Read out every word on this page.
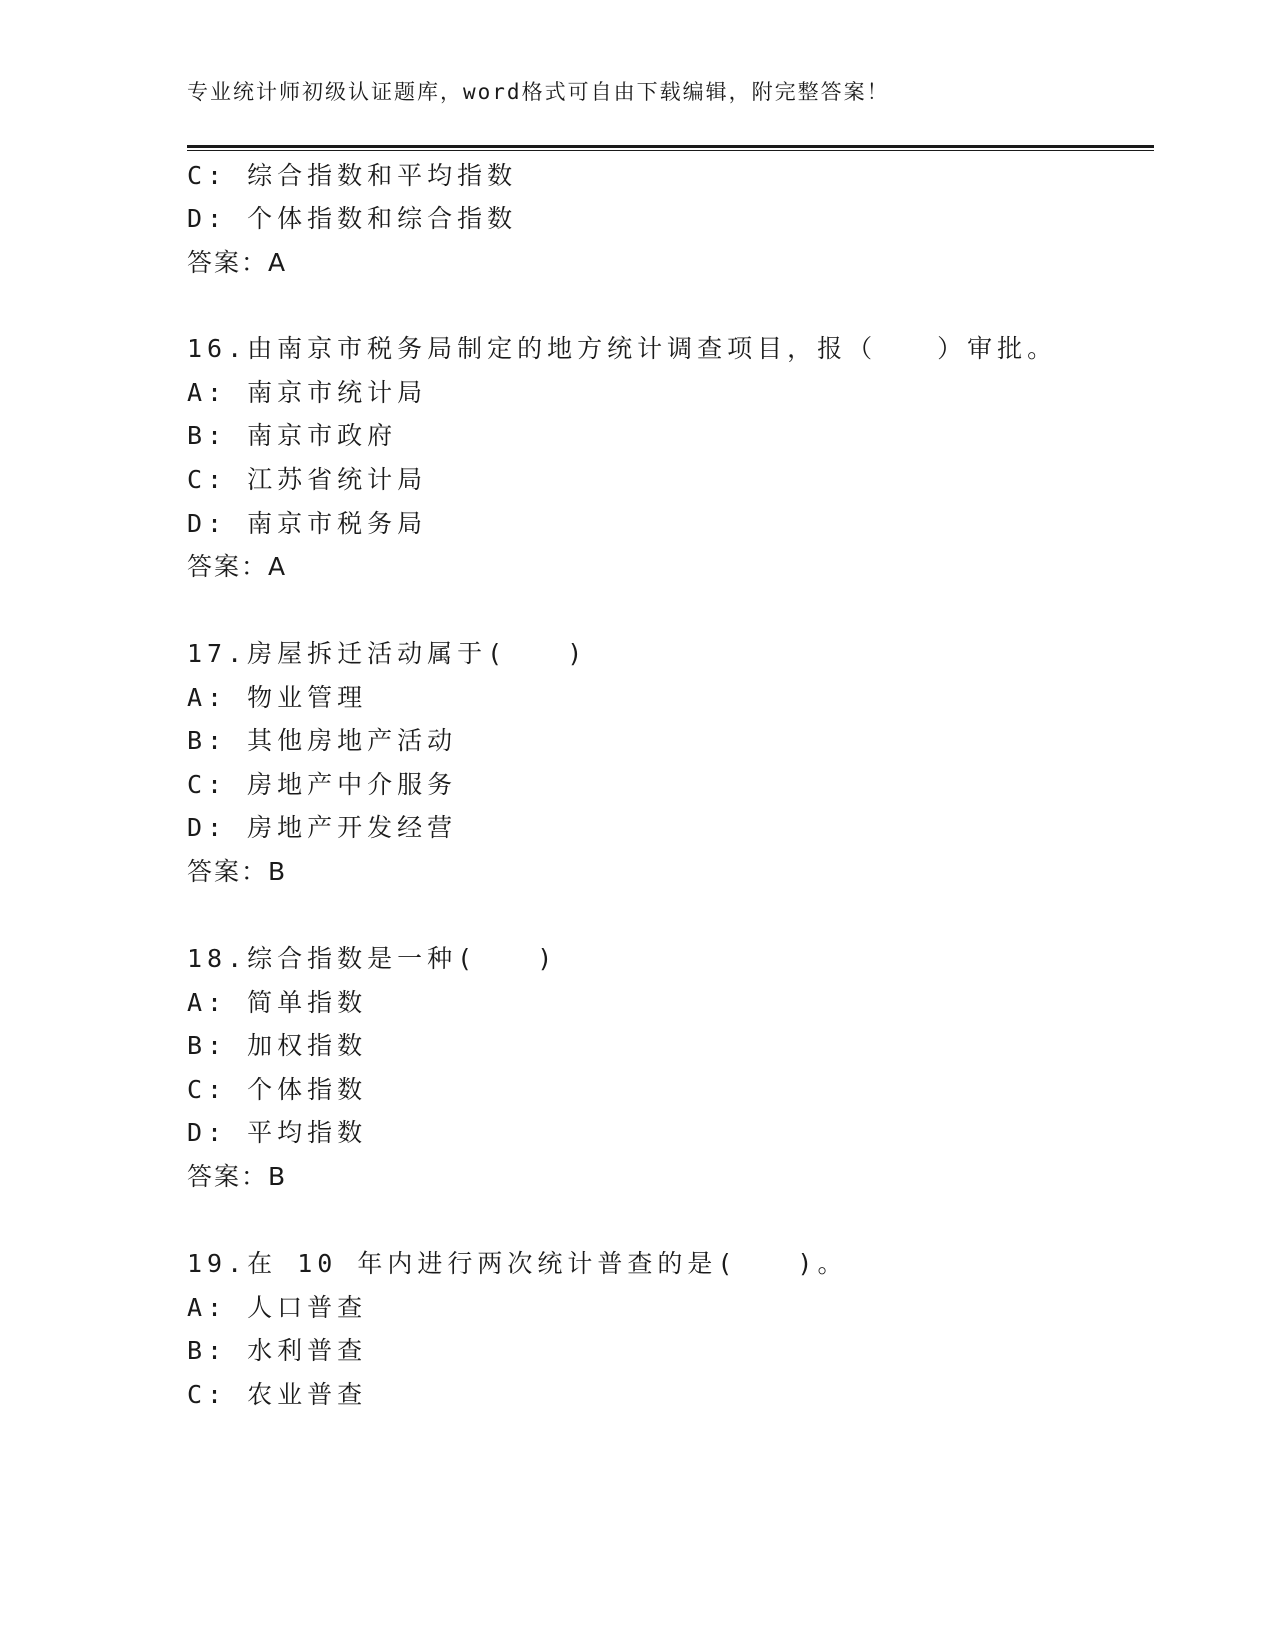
专业统计师初级认证题库，word格式可自由下载编辑，附完整答案！
C: 综合指数和平均指数
D: 个体指数和综合指数
答案：A
16.由南京市税务局制定的地方统计调查项目，报（　　）审批。
A: 南京市统计局
B: 南京市政府
C: 江苏省统计局
D: 南京市税务局
答案：A
17.房屋拆迁活动属于(　　)
A: 物业管理
B: 其他房地产活动
C: 房地产中介服务
D: 房地产开发经营
答案：B
18.综合指数是一种(　　)
A: 简单指数
B: 加权指数
C: 个体指数
D: 平均指数
答案：B
19.在 10 年内进行两次统计普查的是(　　)。
A: 人口普查
B: 水利普查
C: 农业普查
